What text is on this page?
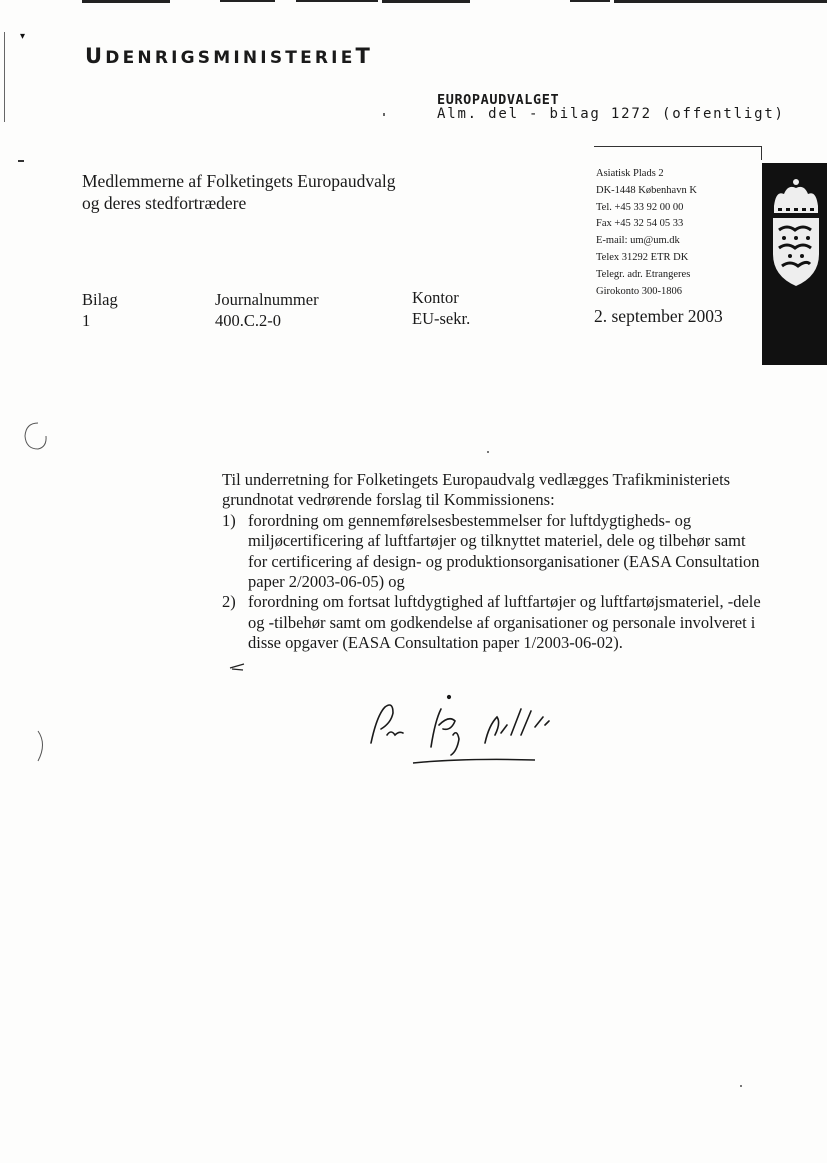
▾
UDENRIGSMINISTERIET
EUROPAUDVALGET
Alm. del - bilag 1272 (offentligt)
Medlemmerne af Folketingets Europaudvalg
og deres stedfortrædere
Asiatisk Plads 2
DK-1448 København K
Tel. +45 33 92 00 00
Fax +45 32 54 05 33
E-mail: um@um.dk
Telex 31292 ETR DK
Telegr. adr. Etrangeres
Girokonto 300-1806
Bilag
1
Journalnummer
400.C.2-0
Kontor
EU-sekr.	2. september 2003

Til underretning for Folketingets Europaudvalg vedlægges Trafikministeriets grundnotat vedrørende forslag til Kommissionens:

1) forordning om gennemførelsesbestemmelser for luftdygtigheds- og miljøcertificering af luftfartøjer og tilknyttet materiel, dele og tilbehør samt for certificering af design- og produktionsorganisationer (EASA Consultation paper 2/2003-06-05) og
2) forordning om fortsat luftdygtighed af luftfartøjer og luftfartøjsmateriel, -dele og -tilbehør samt om godkendelse af organisationer og personale involveret i disse opgaver (EASA Consultation paper 1/2003-06-02).
